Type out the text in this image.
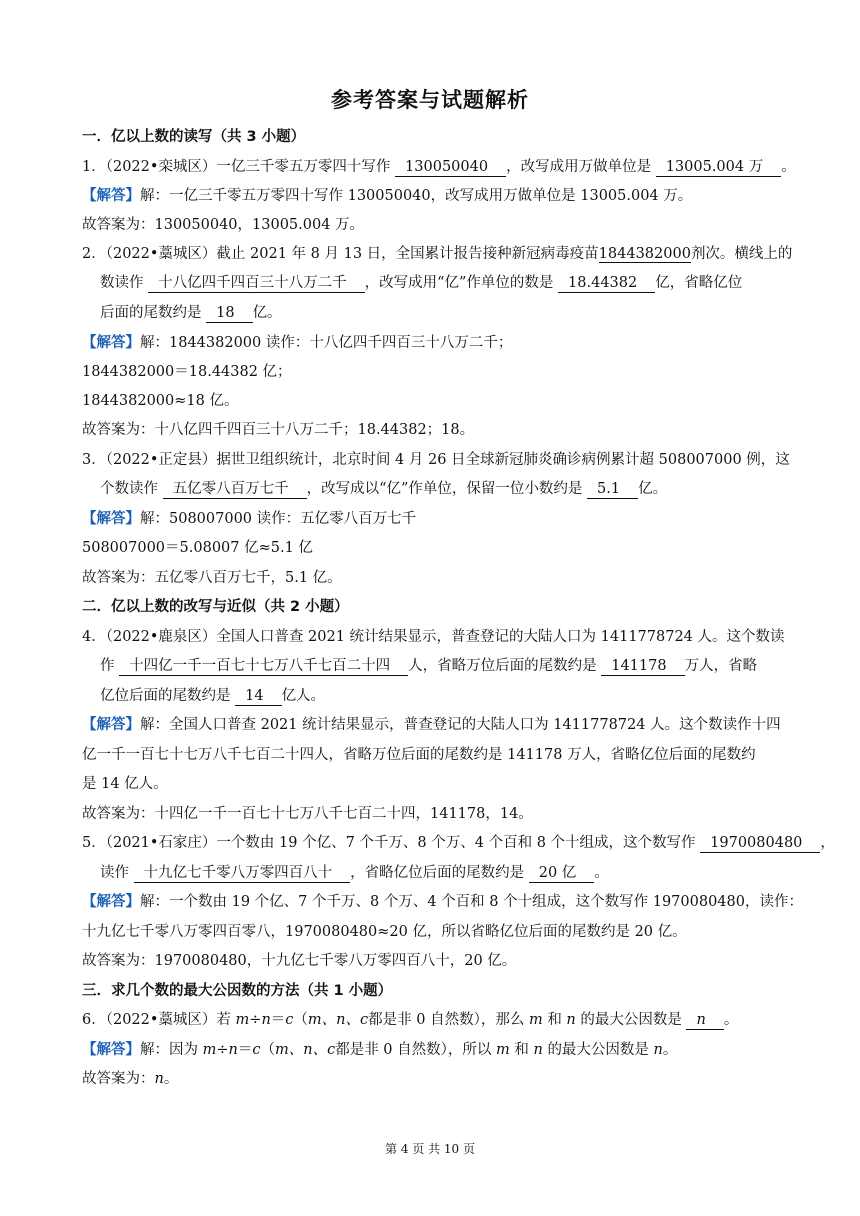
参考答案与试题解析
一．亿以上数的读写（共 3 小题）
1．（2022•栾城区）一亿三千零五万零四十写作 130050040 ，改写成用万做单位是 13005.004 万 。
【解答】解：一亿三千零五万零四十写作 130050040，改写成用万做单位是 13005.004 万。
故答案为：130050040，13005.004 万。
2．（2022•藁城区）截止 2021 年 8 月 13 日，全国累计报告接种新冠病毒疫苗1844382000剂次。横线上的
数读作 十八亿四千四百三十八万二千 ，改写成用“亿”作单位的数是 18.44382 亿，省略亿位
后面的尾数约是 18 亿。
【解答】解：1844382000 读作：十八亿四千四百三十八万二千；
1844382000＝18.44382 亿；
1844382000≈18 亿。
故答案为：十八亿四千四百三十八万二千；18.44382；18。
3．（2022•正定县）据世卫组织统计，北京时间 4 月 26 日全球新冠肺炎确诊病例累计超 508007000 例，这
个数读作 五亿零八百万七千 ，改写成以“亿”作单位，保留一位小数约是 5.1 亿。
【解答】解：508007000 读作：五亿零八百万七千
508007000＝5.08007 亿≈5.1 亿
故答案为：五亿零八百万七千，5.1 亿。
二．亿以上数的改写与近似（共 2 小题）
4．（2022•鹿泉区）全国人口普查 2021 统计结果显示，普查登记的大陆人口为 1411778724 人。这个数读
作 十四亿一千一百七十七万八千七百二十四 人，省略万位后面的尾数约是 141178 万人，省略
亿位后面的尾数约是 14 亿人。
【解答】解：全国人口普查 2021 统计结果显示，普查登记的大陆人口为 1411778724 人。这个数读作十四
亿一千一百七十七万八千七百二十四人，省略万位后面的尾数约是 141178 万人，省略亿位后面的尾数约
是 14 亿人。
故答案为：十四亿一千一百七十七万八千七百二十四，141178，14。
5．（2021•石家庄）一个数由 19 个亿、7 个千万、8 个万、4 个百和 8 个十组成，这个数写作 1970080480 ，
读作 十九亿七千零八万零四百八十 ，省略亿位后面的尾数约是 20 亿 。
【解答】解：一个数由 19 个亿、7 个千万、8 个万、4 个百和 8 个十组成，这个数写作 1970080480，读作：
十九亿七千零八万零四百零八，1970080480≈20 亿，所以省略亿位后面的尾数约是 20 亿。
故答案为：1970080480，十九亿七千零八万零四百八十，20 亿。
三．求几个数的最大公因数的方法（共 1 小题）
6．（2022•藁城区）若 m÷n＝c（m、n、c都是非 0 自然数），那么 m 和 n 的最大公因数是 n 。
【解答】解：因为 m÷n＝c（m、n、c都是非 0 自然数），所以 m 和 n 的最大公因数是 n。
故答案为：n。
第 4 页 共 10 页
